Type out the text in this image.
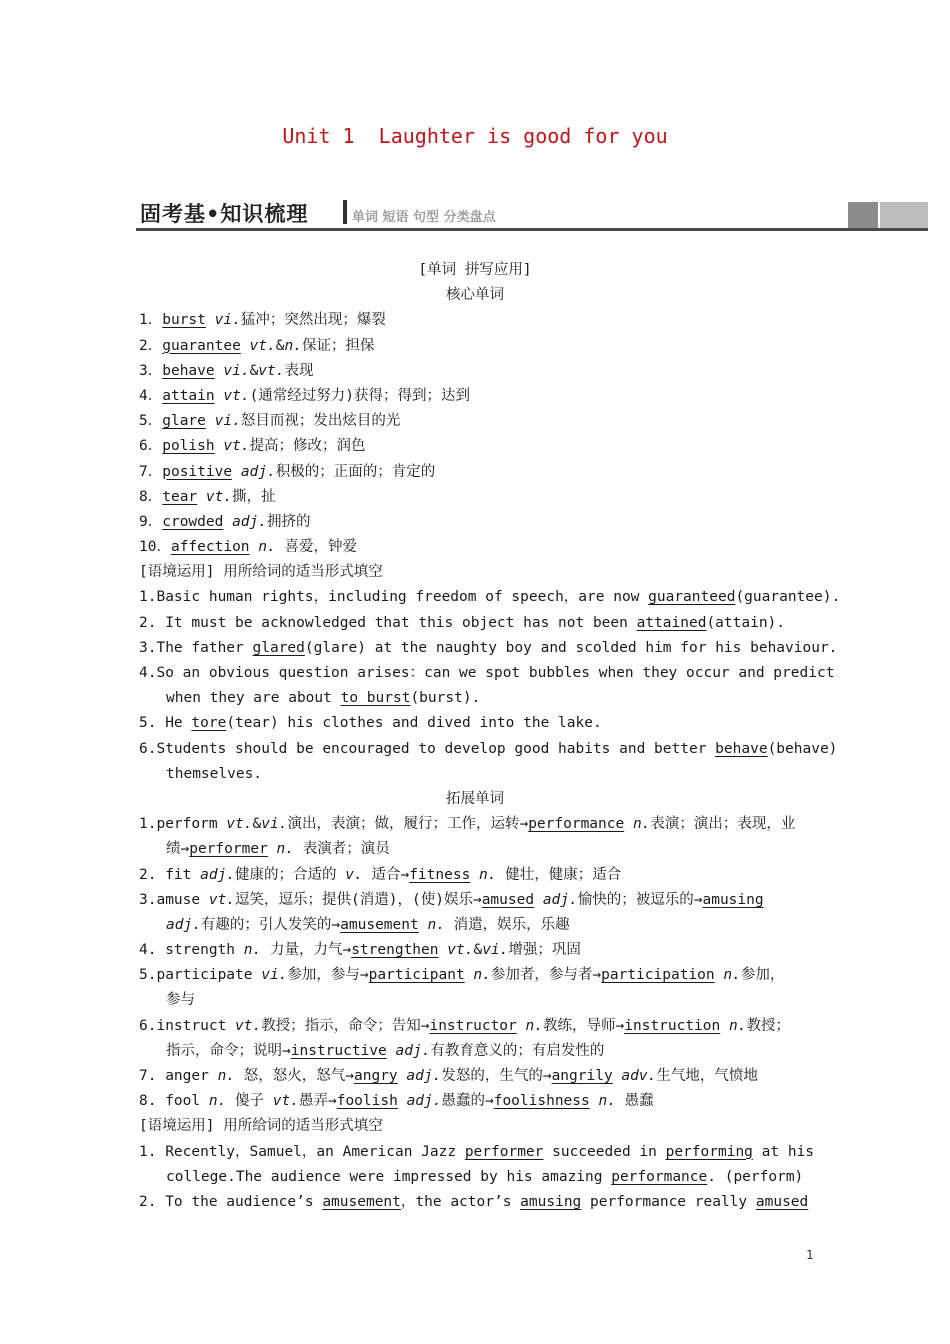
Unit 1  Laughter is good for you
固考基•知识梳理	单词 短语 句型 分类盘点
[单词 拼写应用]
核心单词
1．burst vi.猛冲；突然出现；爆裂
2．guarantee vt.&n.保证；担保
3．behave vi.&vt.表现
4．attain vt.(通常经过努力)获得；得到；达到
5．glare vi.怒目而视；发出炫目的光
6．polish vt.提高；修改；润色
7．positive adj.积极的；正面的；肯定的
8．tear vt.撕，扯
9．crowded adj.拥挤的
10．affection n. 喜爱，钟爱
[语境运用] 用所给词的适当形式填空
1.Basic human rights，including freedom of speech，are now guaranteed(guarantee).
2. It must be acknowledged that this object has not been attained(attain).
3.The father glared(glare) at the naughty boy and scolded him for his behaviour.
4.So an obvious question arises：can we spot bubbles when they occur and predict
when they are about to burst(burst).
5. He tore(tear) his clothes and dived into the lake.
6.Students should be encouraged to develop good habits and better behave(behave)
themselves.
拓展单词
1.perform vt.&vi.演出，表演；做，履行；工作，运转→performance n.表演；演出；表现，业
绩→performer n. 表演者；演员
2. fit adj.健康的；合适的 v. 适合→fitness n. 健壮，健康；适合
3.amuse vt.逗笑，逗乐；提供(消遣)，(使)娱乐→amused adj.愉快的；被逗乐的→amusing
adj.有趣的；引人发笑的→amusement n. 消遣，娱乐，乐趣
4. strength n. 力量，力气→strengthen vt.&vi.增强；巩固
5.participate vi.参加，参与→participant n.参加者，参与者→participation n.参加，
参与
6.instruct vt.教授；指示，命令；告知→instructor n.教练，导师→instruction n.教授；
指示，命令；说明→instructive adj.有教育意义的；有启发性的
7. anger n. 怒，怒火，怒气→angry adj.发怒的，生气的→angrily adv.生气地，气愤地
8. fool n. 傻子 vt.愚弄→foolish adj.愚蠢的→foolishness n. 愚蠢
[语境运用] 用所给词的适当形式填空
1. Recently，Samuel，an American Jazz performer succeeded in performing at his
college.The audience were impressed by his amazing performance. (perform)
2. To the audience’s amusement，the actor’s amusing performance really amused
1
